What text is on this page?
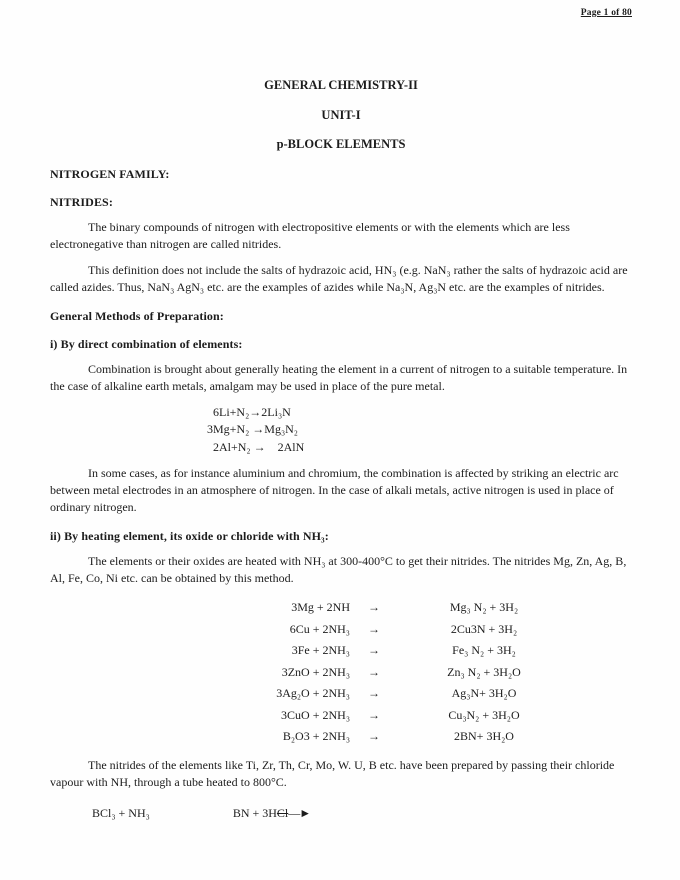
Page 1 of 80
GENERAL CHEMISTRY-II
UNIT-I
p-BLOCK ELEMENTS
NITROGEN FAMILY:
NITRIDES:

The binary compounds of nitrogen with electropositive elements or with the elements which are less electronegative than nitrogen are called nitrides.

This definition does not include the salts of hydrazoic acid, HN₃ (e.g. NaN₃ rather the salts of hydrazoic acid are called azides. Thus, NaN₃ AgN₃ etc. are the examples of azides while Na₃N, Ag₃N etc. are the examples of nitrides.

General Methods of Preparation:
i) By direct combination of elements:

Combination is brought about generally heating the element in a current of nitrogen to a suitable temperature. In the case of alkaline earth metals, amalgam may be used in place of the pure metal.

6Li+N₂→2Li₃N
3Mg+N₂ →Mg₃N₂
2Al+N₂ →    2AlN

In some cases, as for instance aluminium and chromium, the combination is affected by striking an electric arc between metal electrodes in an atmosphere of nitrogen. In the case of alkali metals, active nitrogen is used in place of ordinary nitrogen.

ii) By heating element, its oxide or chloride with NH₃:

The elements or their oxides are heated with NH₃ at 300-400°C to get their nitrides. The nitrides Mg, Zn, Ag, B, Al, Fe, Co, Ni etc. can be obtained by this method.

3Mg + 2NH	→	Mg₃ N₂ + 3H₂
6Cu + 2NH₃	→	2Cu3N + 3H₂
3Fe + 2NH₃	→	Fe₃ N₂ + 3H₂
3ZnO + 2NH₃	→	Zn₃ N₂ + 3H₂O
3Ag₂O + 2NH₃	→	Ag₃N+ 3H₂O
3CuO + 2NH₃	→	Cu₃N₂ + 3H₂O
B₂O3 + 2NH₃	→	2BN+ 3H₂O

The nitrides of the elements like Ti, Zr, Th, Cr, Mo, W. U, B etc. have been prepared by passing their chloride vapour with NH, through a tube heated to 800°C.

BCl₃ + NH₃	BN + 3H Cl —►
